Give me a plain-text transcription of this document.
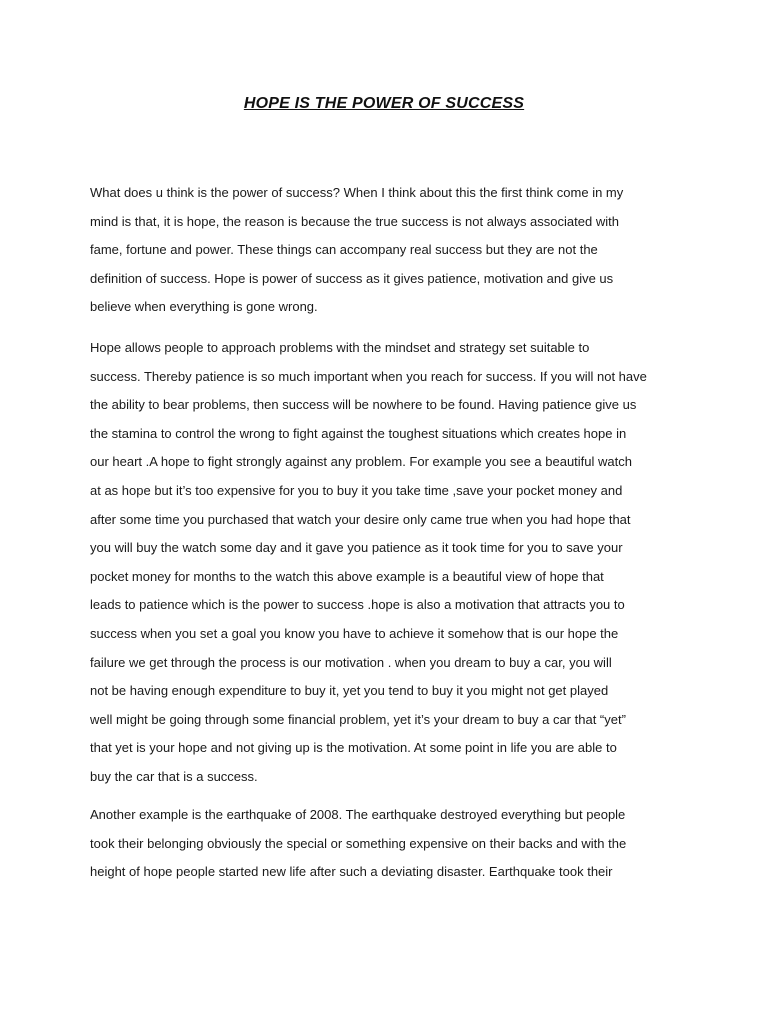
HOPE IS THE POWER OF SUCCESS
What does u think is the power of success? When I think about this the first think come in my
mind is that, it is hope, the reason is because the true success is not always associated with
fame, fortune and power. These things can accompany real success but they are not the
definition of success. Hope is power of success as it gives patience, motivation and give us
believe when everything is gone wrong.
Hope allows people to approach problems with the mindset and strategy set suitable to
success. Thereby patience is so much important when you reach for success. If you will not have
the ability to bear problems, then success will be nowhere to be found. Having patience give us
the stamina to control the wrong to fight against the toughest situations which creates hope in
our heart .A hope to fight strongly against any problem. For example you see a beautiful watch
at as hope but it’s too expensive for you to buy it you take time ,save your pocket money and
after some time you purchased that watch your desire only came true when you had hope that
you will buy the watch some day and it gave you patience as it took time for you to save your
pocket money for months to the watch this above example is a beautiful view of hope that
leads to patience which is the power to success .hope is also a motivation that attracts you to
success when you set a goal you know you have to achieve it somehow that is our hope the
failure we get through the process is our motivation . when you dream to buy a car, you will
not be having enough expenditure to buy it, yet you tend to buy it you might not get played
well might be going through some financial problem, yet it’s your dream to buy a car that “yet”
that yet is your hope and not giving up is the motivation. At some point in life you are able to
buy the car that is a success.
Another example is the earthquake of 2008. The earthquake destroyed everything but people
took their belonging obviously the special or something expensive on their backs and with the
height of hope people started new life after such a deviating disaster. Earthquake took their
